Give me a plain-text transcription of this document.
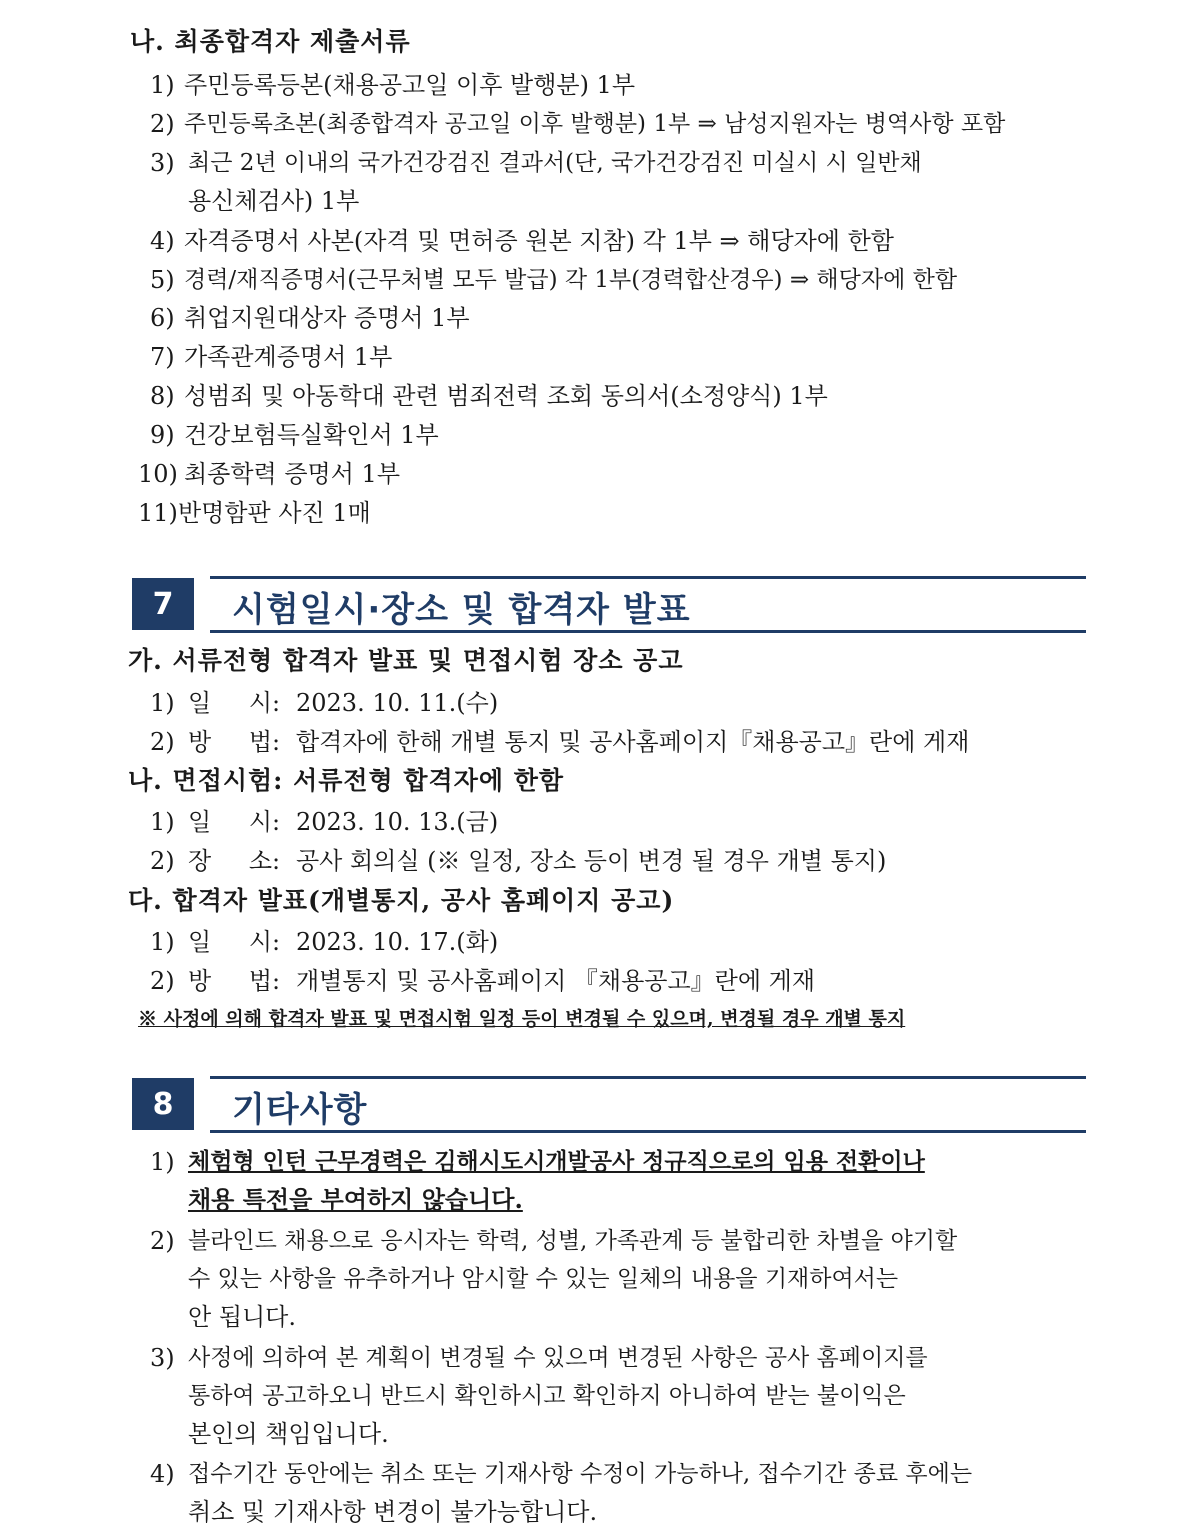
나. 최종합격자 제출서류
1) 주민등록등본(채용공고일 이후 발행분) 1부
2) 주민등록초본(최종합격자 공고일 이후 발행분) 1부 ⇒ 남성지원자는 병역사항 포함
3) 최근 2년 이내의 국가건강검진 결과서(단, 국가건강검진 미실시 시 일반채
용신체검사) 1부
4) 자격증명서 사본(자격 및 면허증 원본 지참) 각 1부 ⇒ 해당자에 한함
5) 경력/재직증명서(근무처별 모두 발급) 각 1부(경력합산경우) ⇒ 해당자에 한함
6) 취업지원대상자 증명서 1부
7) 가족관계증명서 1부
8) 성범죄 및 아동학대 관련 범죄전력 조회 동의서(소정양식) 1부
9) 건강보험득실확인서 1부
10) 최종학력 증명서 1부
11) 반명함판 사진 1매
7	시험일시·장소 및 합격자 발표
가. 서류전형 합격자 발표 및 면접시험 장소 공고
1) 일 시: 2023. 10. 11.(수)
2) 방 법: 합격자에 한해 개별 통지 및 공사홈페이지『채용공고』란에 게재
나. 면접시험: 서류전형 합격자에 한함
1) 일 시: 2023. 10. 13.(금)
2) 장 소: 공사 회의실 (※ 일정, 장소 등이 변경 될 경우 개별 통지)
다. 합격자 발표(개별통지, 공사 홈페이지 공고)
1) 일 시: 2023. 10. 17.(화)
2) 방 법: 개별통지 및 공사홈페이지 『채용공고』란에 게재
※ 사정에 의해 합격자 발표 및 면접시험 일정 등이 변경될 수 있으며, 변경될 경우 개별 통지
8	기타사항
1) 체험형 인턴 근무경력은 김해시도시개발공사 정규직으로의 임용 전환이나
채용 특전을 부여하지 않습니다.
2) 블라인드 채용으로 응시자는 학력, 성별, 가족관계 등 불합리한 차별을 야기할
수 있는 사항을 유추하거나 암시할 수 있는 일체의 내용을 기재하여서는
안 됩니다.
3) 사정에 의하여 본 계획이 변경될 수 있으며 변경된 사항은 공사 홈페이지를
통하여 공고하오니 반드시 확인하시고 확인하지 아니하여 받는 불이익은
본인의 책임입니다.
4) 접수기간 동안에는 취소 또는 기재사항 수정이 가능하나, 접수기간 종료 후에는
취소 및 기재사항 변경이 불가능합니다.
